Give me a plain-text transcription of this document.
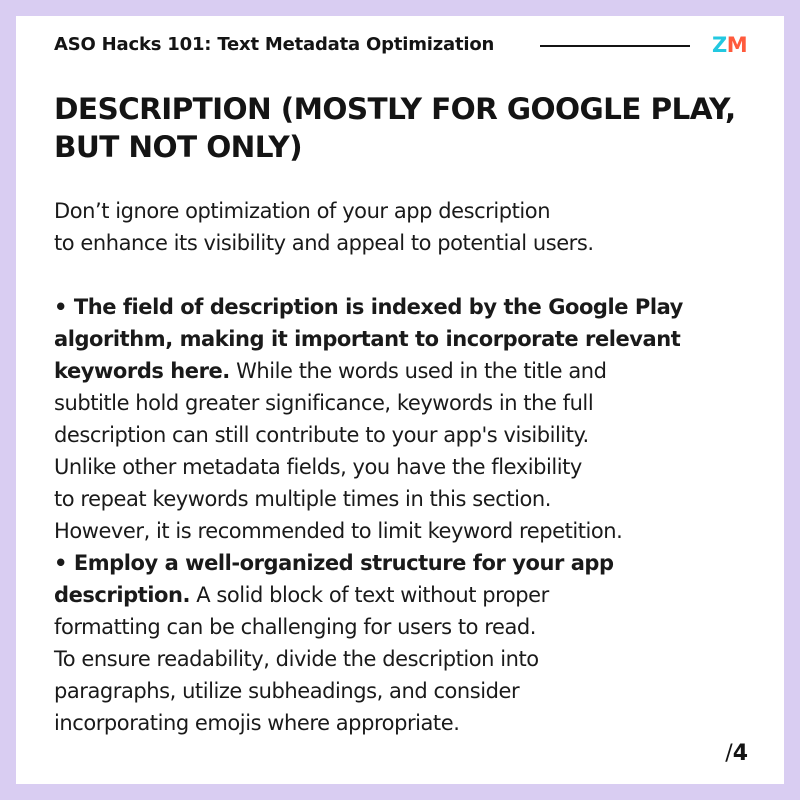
ASO Hacks 101: Text Metadata Optimization	ZM
DESCRIPTION (MOSTLY FOR GOOGLE PLAY,
BUT NOT ONLY)

Don’t ignore optimization of your app description
to enhance its visibility and appeal to potential users.

• The field of description is indexed by the Google Play
algorithm, making it important to incorporate relevant
keywords here. While the words used in the title and
subtitle hold greater significance, keywords in the full
description can still contribute to your app's visibility.
Unlike other metadata fields, you have the flexibility
to repeat keywords multiple times in this section.
However, it is recommended to limit keyword repetition.

• Employ a well-organized structure for your app
description. A solid block of text without proper
formatting can be challenging for users to read.
To ensure readability, divide the description into
paragraphs, utilize subheadings, and consider
incorporating emojis where appropriate.

/4
